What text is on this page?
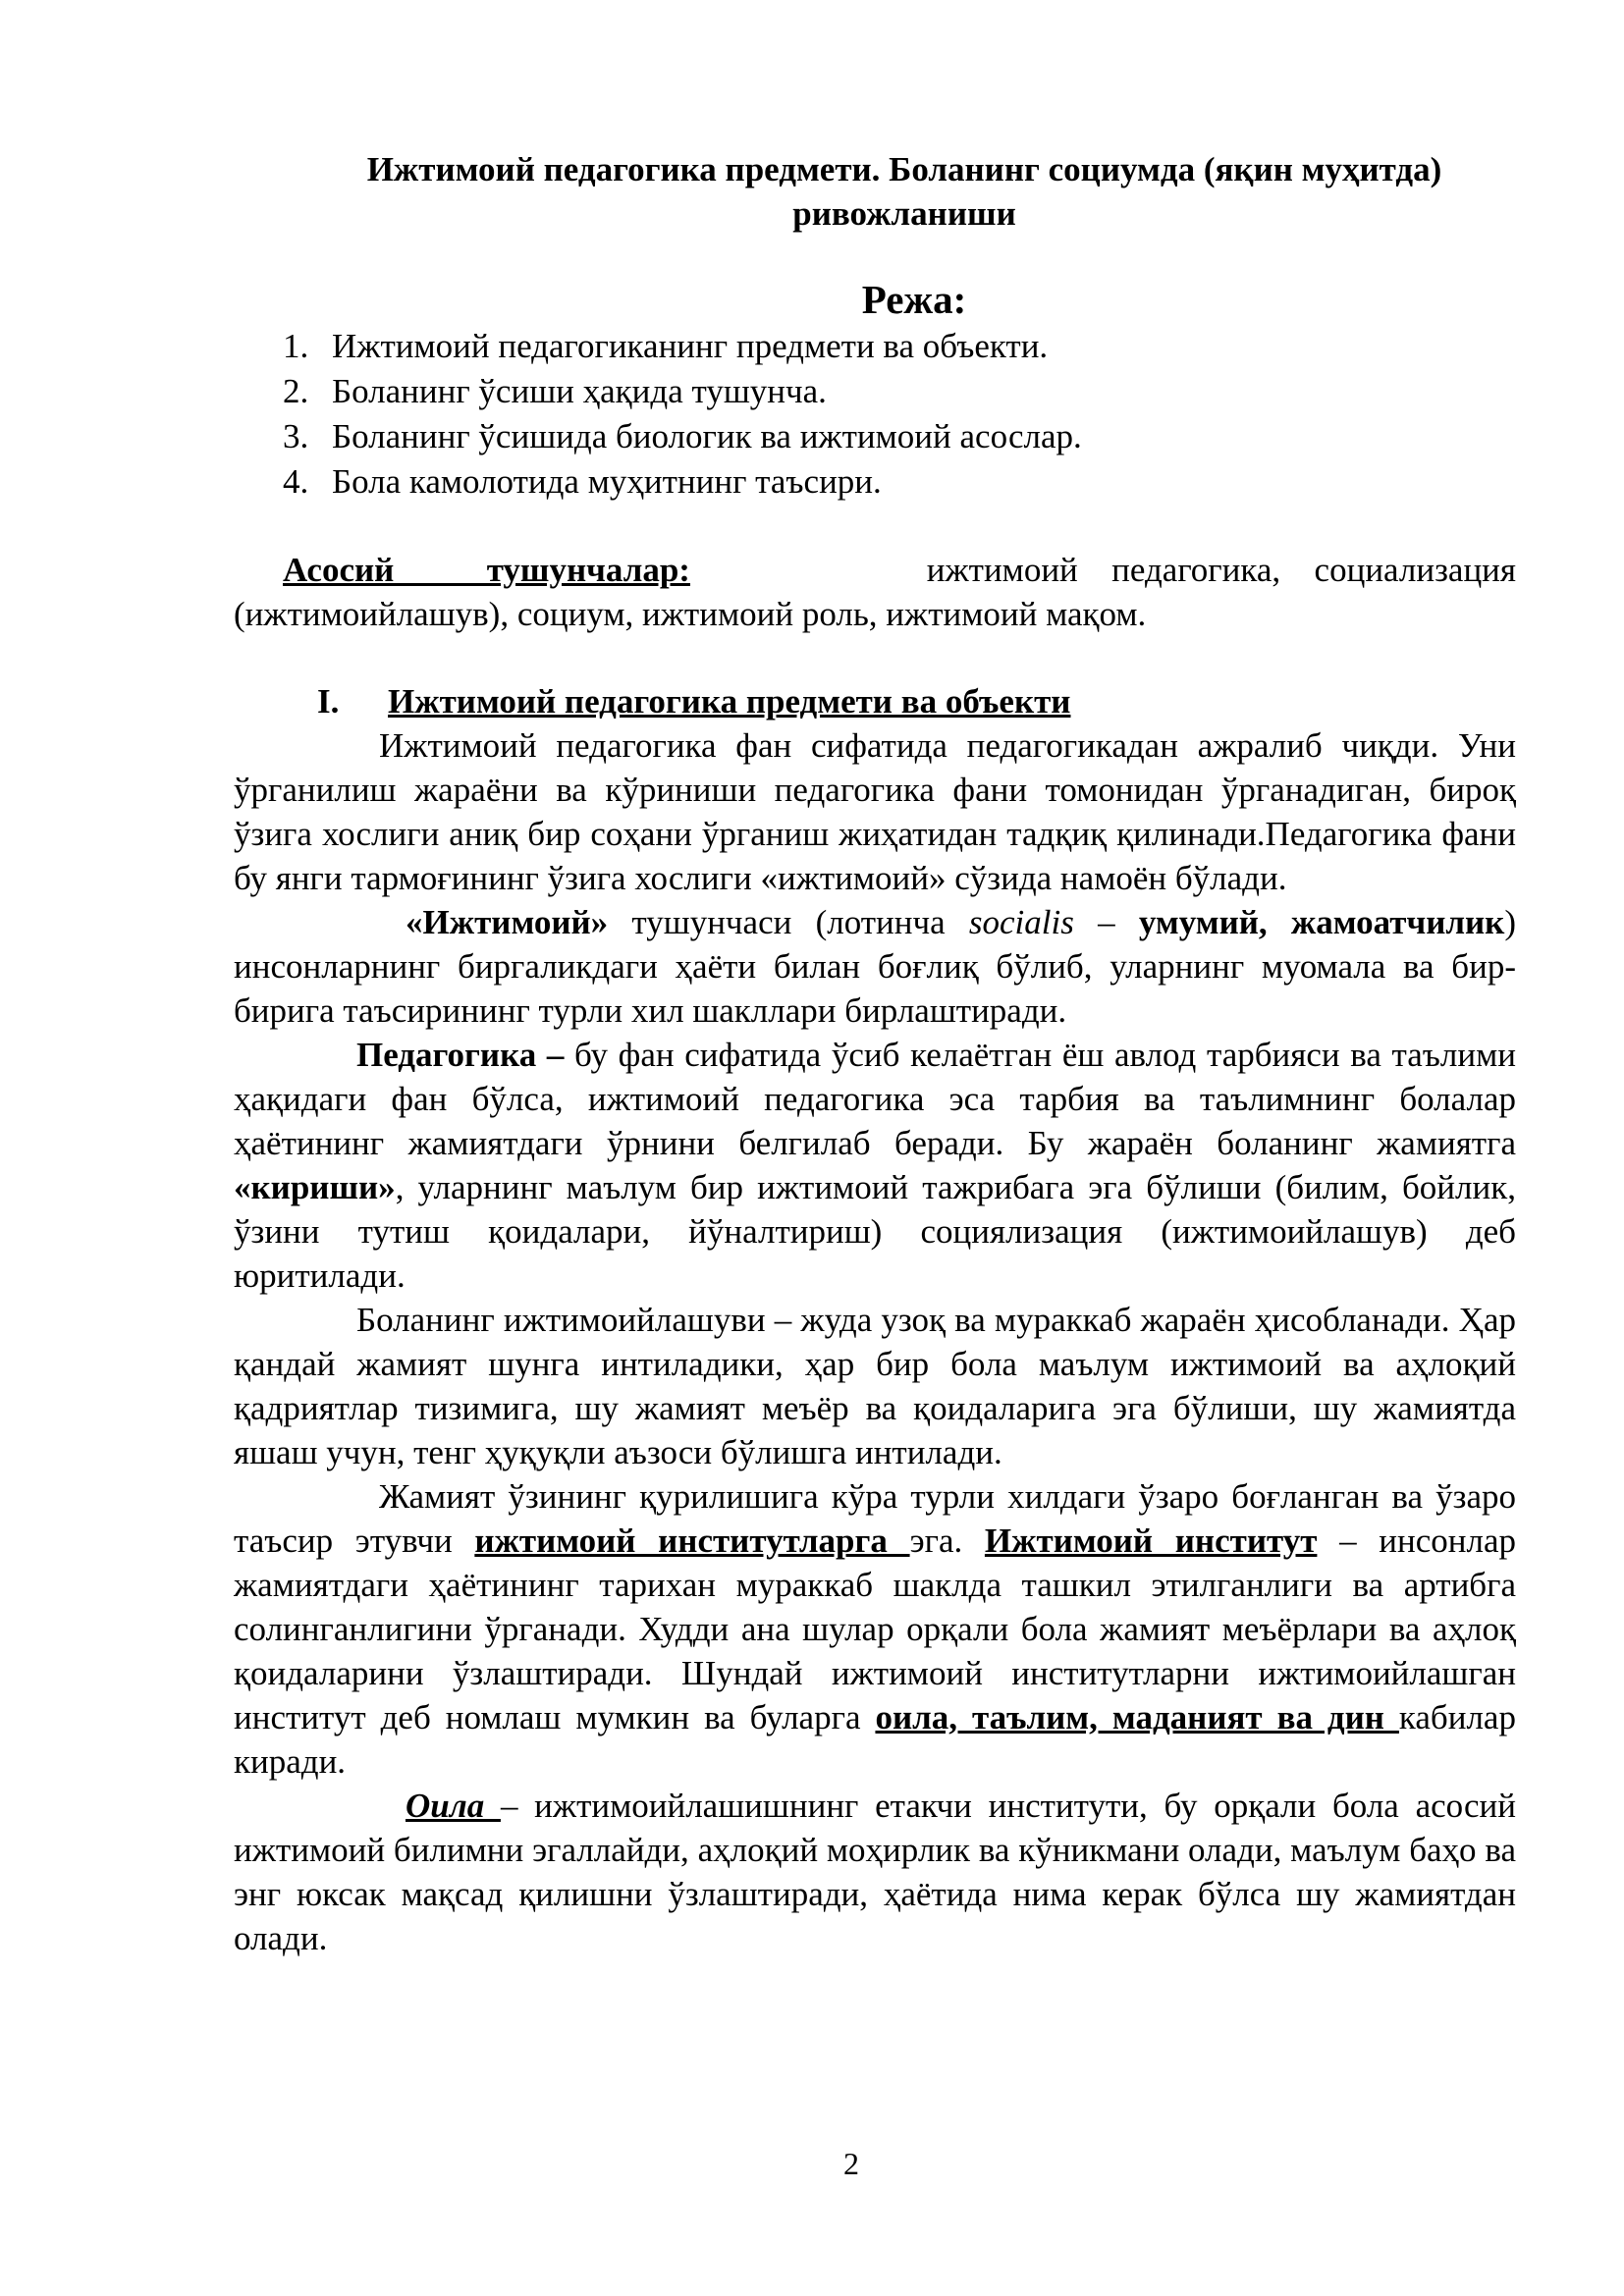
Ижтимоий педагогика предмети. Боланинг социумда (яқин муҳитда)
ривожланиши
Режа:
1. Ижтимоий педагогиканинг предмети ва объекти.
2. Боланинг ўсиши ҳақида тушунча.
3. Боланинг ўсишида биологик ва ижтимоий асослар.
4. Бола камолотида муҳитнинг таъсири.

Асосий тушунчалар:	ижтимоий педагогика, социализация (ижтимоийлашув), социум, ижтимоий роль, ижтимоий мақом.

I. Ижтимоий педагогика предмети ва объекти

Ижтимоий педагогика фан сифатида педагогикадан ажралиб чиқди. Уни ўрганилиш жараёни ва кўриниши педагогика фани томонидан ўрганадиган, бироқ ўзига хослиги аниқ бир соҳани ўрганиш жиҳатидан тадқиқ қилинади.Педагогика фани бу янги тармоғининг ўзига хослиги «ижтимоий» сўзида намоён бўлади.

«Ижтимоий» тушунчаси (лотинча socialis – умумий, жамоатчилик) инсонларнинг биргаликдаги ҳаёти билан боғлиқ бўлиб, уларнинг муомала ва бир-бирига таъсирининг турли хил шакллари бирлаштиради.

Педагогика – бу фан сифатида ўсиб келаётган ёш авлод тарбияси ва таълими ҳақидаги фан бўлса, ижтимоий педагогика эса тарбия ва таълимнинг болалар ҳаётининг жамиятдаги ўрнини белгилаб беради. Бу жараён боланинг жамиятга «кириши», уларнинг маълум бир ижтимоий тажрибага эга бўлиши (билим, бойлик, ўзини тутиш қоидалари, йўналтириш) социялизация (ижтимоийлашув) деб юритилади.

Боланинг ижтимоийлашуви – жуда узоқ ва мураккаб жараён ҳисобланади. Ҳар қандай жамият шунга интиладики, ҳар бир бола маълум ижтимоий ва аҳлоқий қадриятлар тизимига, шу жамият меъёр ва қоидаларига эга бўлиши, шу жамиятда яшаш учун, тенг ҳуқуқли аъзоси бўлишга интилади.

Жамият ўзининг қурилишига кўра турли хилдаги ўзаро боғланган ва ўзаро таъсир этувчи ижтимоий институтларга эга. Ижтимоий институт – инсонлар жамиятдаги ҳаётининг тарихан мураккаб шаклда ташкил этилганлиги ва артибга солинганлигини ўрганади. Худди ана шулар орқали бола жамият меъёрлари ва аҳлоқ қоидаларини ўзлаштиради. Шундай ижтимоий институтларни ижтимоийлашган институт деб номлаш мумкин ва буларга оила, таълим, маданият ва дин кабилар киради.

Оила – ижтимоийлашишнинг етакчи институти, бу орқали бола асосий ижтимоий билимни эгаллайди, аҳлоқий моҳирлик ва кўникмани олади, маълум баҳо ва энг юксак мақсад қилишни ўзлаштиради, ҳаётида нима керак бўлса шу жамиятдан олади.

2
